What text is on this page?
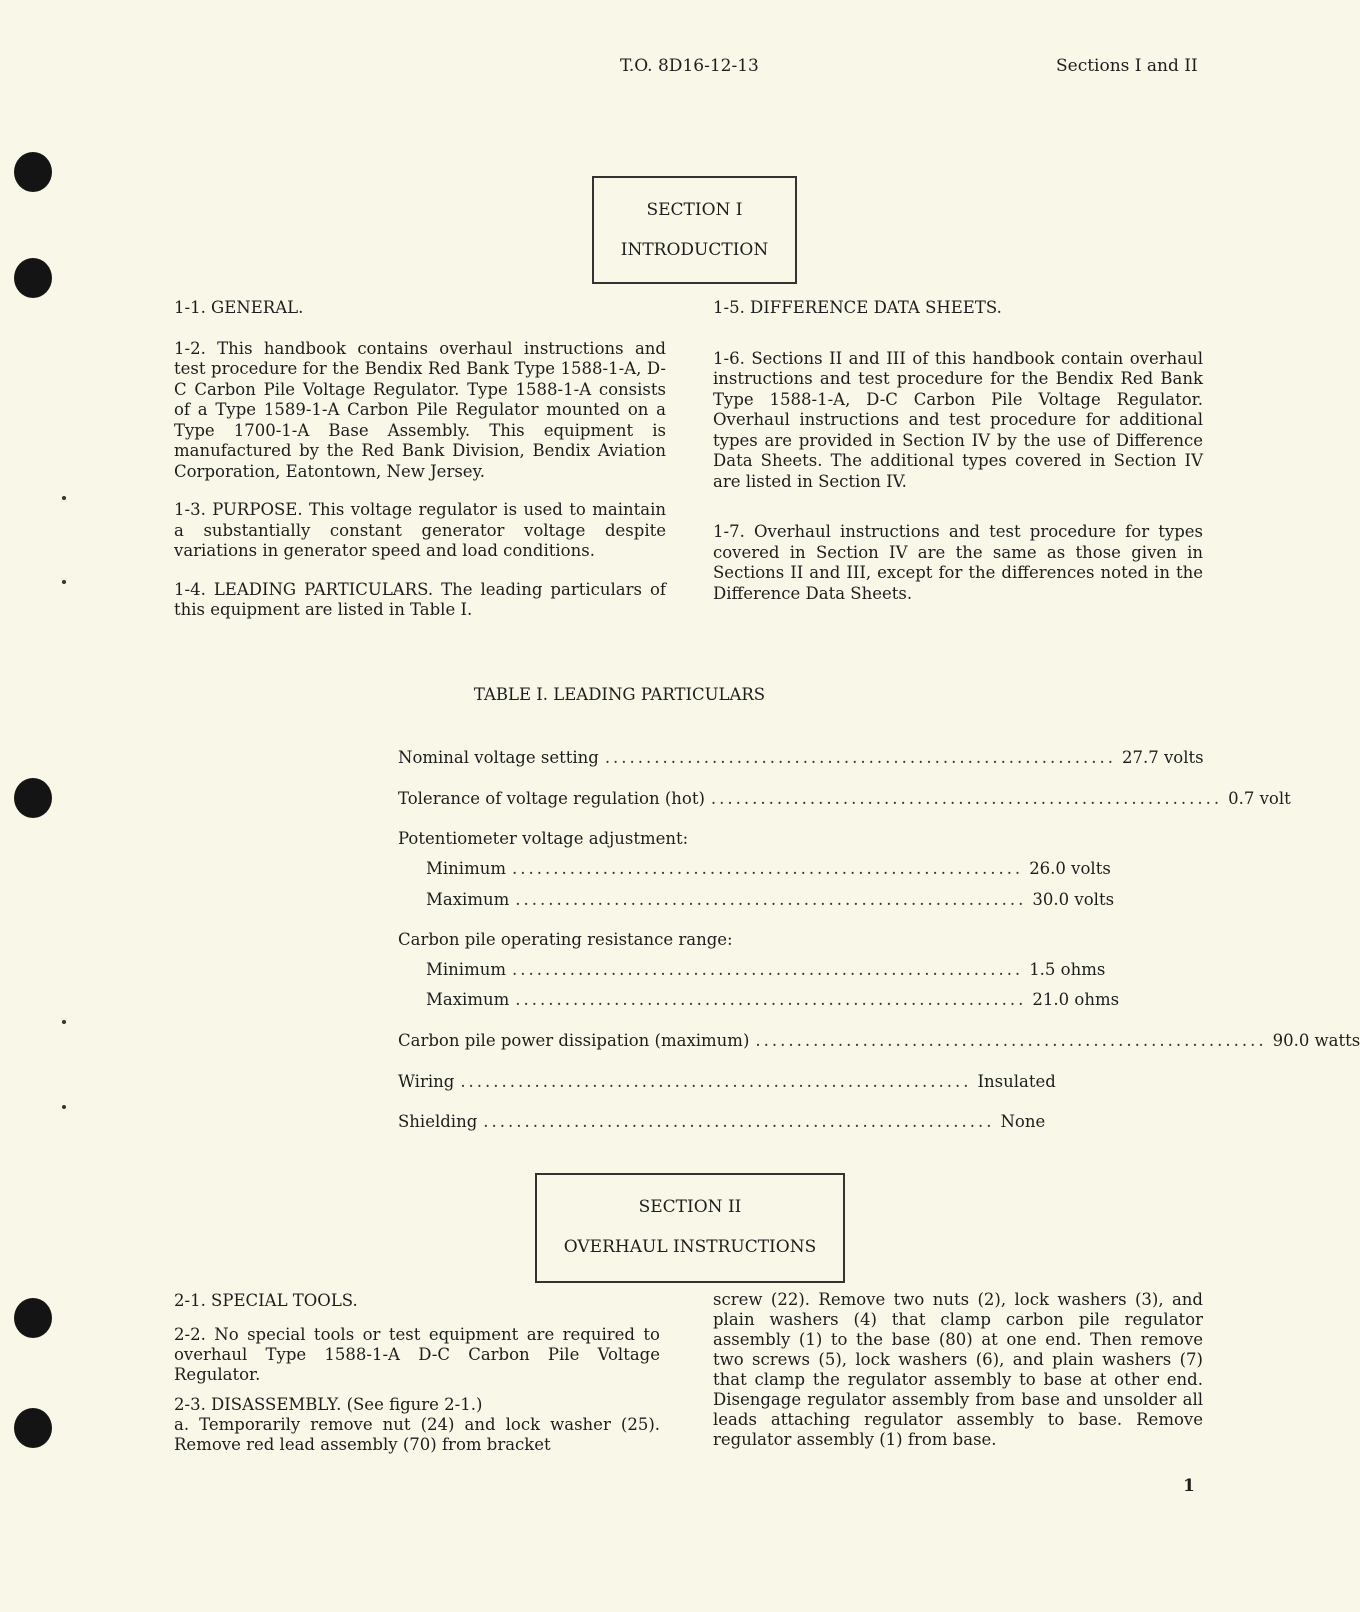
T.O. 8D16-12-13	Sections I and II
SECTION I
INTRODUCTION

1-1. GENERAL.

1-2. This handbook contains overhaul instructions and test procedure for the Bendix Red Bank Type 1588-1-A, D-C Carbon Pile Voltage Regulator. Type 1588-1-A consists of a Type 1589-1-A Carbon Pile Regulator mounted on a Type 1700-1-A Base Assembly. This equipment is manufactured by the Red Bank Division, Bendix Aviation Corporation, Eatontown, New Jersey.

1-3. PURPOSE. This voltage regulator is used to maintain a substantially constant generator voltage despite variations in generator speed and load conditions.

1-4. LEADING PARTICULARS. The leading particulars of this equipment are listed in Table I.

1-5. DIFFERENCE DATA SHEETS.

1-6. Sections II and III of this handbook contain overhaul instructions and test procedure for the Bendix Red Bank Type 1588-1-A, D-C Carbon Pile Voltage Regulator. Overhaul instructions and test procedure for additional types are provided in Section IV by the use of Difference Data Sheets. The additional types covered in Section IV are listed in Section IV.

1-7. Overhaul instructions and test procedure for types covered in Section IV are the same as those given in Sections II and III, except for the differences noted in the Difference Data Sheets.

TABLE I. LEADING PARTICULARS
Nominal voltage setting .............................................................. 27.7 volts
Tolerance of voltage regulation (hot) .............................................................. 0.7 volt
Potentiometer voltage adjustment:
Minimum .............................................................. 26.0 volts
Maximum .............................................................. 30.0 volts
Carbon pile operating resistance range:
Minimum .............................................................. 1.5 ohms
Maximum .............................................................. 21.0 ohms
Carbon pile power dissipation (maximum) .............................................................. 90.0 watts
Wiring .............................................................. Insulated
Shielding .............................................................. None
SECTION II
OVERHAUL INSTRUCTIONS

2-1. SPECIAL TOOLS.

2-2. No special tools or test equipment are required to overhaul Type 1588-1-A D-C Carbon Pile Voltage Regulator.

2-3. DISASSEMBLY. (See figure 2-1.)

a. Temporarily remove nut (24) and lock washer (25). Remove red lead assembly (70) from bracket

screw (22). Remove two nuts (2), lock washers (3), and plain washers (4) that clamp carbon pile regulator assembly (1) to the base (80) at one end. Then remove two screws (5), lock washers (6), and plain washers (7) that clamp the regulator assembly to base at other end. Disengage regulator assembly from base and unsolder all leads attaching regulator assembly to base. Remove regulator assembly (1) from base.

1
